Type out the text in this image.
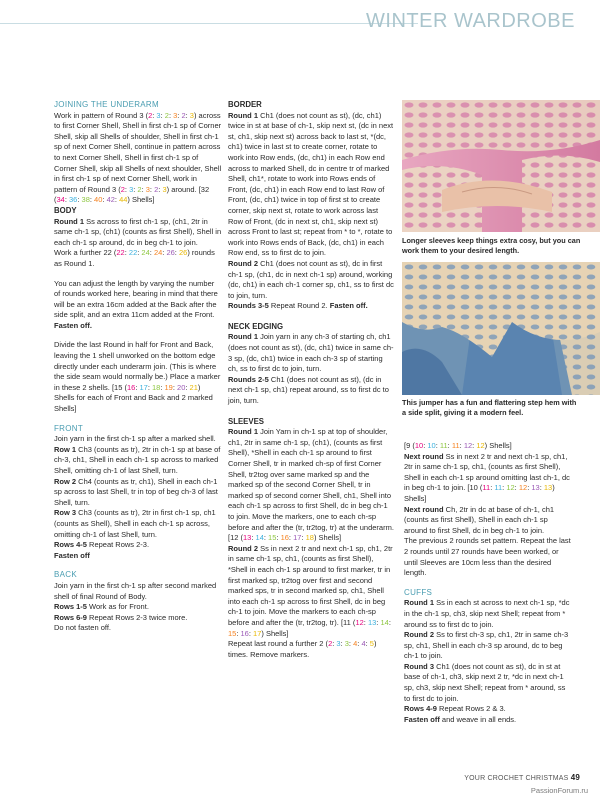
WINTER WARDROBE

JOINING THE UNDERARM

Work in pattern of Round 3 (2: 3: 2: 3: 2: 3) across to first Corner Shell, Shell in first ch-1 sp of Corner Shell, skip all Shells of shoulder, Shell in first ch-1 sp of next Corner Shell, continue in pattern across to next Corner Shell, Shell in first ch-1 sp of Corner Shell, skip all Shells of next shoulder, Shell in first ch-1 sp of next Corner Shell, work in pattern of Round 3 (2: 3: 2: 3: 2: 3) around. [32 (34: 36: 38: 40: 42: 44) Shells]

BODY

Round 1 Ss across to first ch-1 sp, (ch1, 2tr in same ch-1 sp, (ch1) (counts as first Shell), Shell in each ch-1 sp around, dc in beg ch-1 to join.

Work a further 22 (22: 22: 24: 24: 26: 26) rounds as Round 1.

You can adjust the length by varying the number of rounds worked here, bearing in mind that there will be an extra 16cm added at the Back after the side split, and an extra 11cm added at the Front.

Fasten off.

Divide the last Round in half for Front and Back, leaving the 1 shell unworked on the bottom edge directly under each underarm join. (This is where the side seam would normally be.) Place a marker in these 2 shells. [15 (16: 17: 18: 19: 20: 21) Shells for each of Front and Back and 2 marked Shells]

FRONT

Join yarn in the first ch-1 sp after a marked shell.

Row 1 Ch3 (counts as tr), 2tr in ch-1 sp at base of ch-3, ch1, Shell in each ch-1 sp across to marked Shell, omitting ch-1 of last Shell, turn.

Row 2 Ch4 (counts as tr, ch1), Shell in each ch-1 sp across to last Shell, tr in top of beg ch-3 of last Shell, turn.

Row 3 Ch3 (counts as tr), 2tr in first ch-1 sp, ch1 (counts as Shell), Shell in each ch-1 sp across, omitting ch-1 of last Shell, turn.

Rows 4-5 Repeat Rows 2-3.

Fasten off

BACK

Join yarn in the first ch-1 sp after second marked shell of final Round of Body.

Rows 1-5 Work as for Front.

Rows 6-9 Repeat Rows 2-3 twice more.

Do not fasten off.

BORDER

Round 1 Ch1 (does not count as st), (dc, ch1) twice in st at base of ch-1, skip next st, (dc in next st, ch1, skip next st) across back to last st, *(dc, ch1) twice in last st to create corner, rotate to work into Row ends, (dc, ch1) in each Row end across to marked Shell, dc in centre tr of marked Shell, ch1*, rotate to work into Rows ends of Front, (dc, ch1) in each Row end to last Row of Front, (dc, ch1) twice in top of first st to create corner, skip next st, rotate to work across last Row of Front, (dc in next st, ch1, skip next st) across Front to last st; repeat from * to *, rotate to work into Rows ends of Back, (dc, ch1) in each Row end, ss to first dc to join.

Round 2 Ch1 (does not count as st), dc in first ch-1 sp, (ch1, dc in next ch-1 sp) around, working (dc, ch1) in each ch-1 corner sp, ch1, ss to first dc to join, turn.

Rounds 3-5 Repeat Round 2. Fasten off.

NECK EDGING

Round 1 Join yarn in any ch-3 of starting ch, ch1 (does not count as st), (dc, ch1) twice in same ch-3 sp, (dc, ch1) twice in each ch-3 sp of starting ch, ss to first dc to join, turn.

Rounds 2-5 Ch1 (does not count as st), (dc in next ch-1 sp, ch1) repeat around, ss to first dc to join, turn.

SLEEVES

Round 1 Join Yarn in ch-1 sp at top of shoulder, ch1, 2tr in same ch-1 sp, (ch1), (counts as first Shell), *Shell in each ch-1 sp around to first Corner Shell, tr in marked ch-sp of first Corner Shell, tr2tog over same marked sp and the marked sp of the second Corner Shell, tr in marked sp of second corner Shell, ch1, Shell into each ch-1 sp across to first Shell, dc in beg ch-1 to join. Move the markers, one to each ch-sp before and after the (tr, tr2tog, tr) at the underarm. [12 (13: 14: 15: 16: 17: 18) Shells]

Round 2 Ss in next 2 tr and next ch-1 sp, ch1, 2tr in same ch-1 sp, ch1, (counts as first Shell), *Shell in each ch-1 sp around to first marker, tr in first marked sp, tr2tog over first and second marked sps, tr in second marked sp, ch1, Shell into each ch-1 sp across to first Shell, dc in beg ch-1 to join. Move the markers to each ch-sp before and after the (tr, tr2tog, tr). [11 (12: 13: 14: 15: 16: 17) Shells]

Repeat last round a further 2 (2: 3: 3: 4: 4: 5) times. Remove markers.

Longer sleeves keep things extra cosy, but you can work them to your desired length.
This jumper has a fun and flattering step hem with a side split, giving it a modern feel.

[9 (10: 10: 11: 11: 12: 12) Shells]

Next round Ss in next 2 tr and next ch-1 sp, ch1, 2tr in same ch-1 sp, ch1, (counts as first Shell), Shell in each ch-1 sp around omitting last ch-1, dc in beg ch-1 to join. [10 (11: 11: 12: 12: 13: 13) Shells]

Next round Ch, 2tr in dc at base of ch-1, ch1 (counts as first Shell), Shell in each ch-1 sp around to first Shell, dc in beg ch-1 to join.

The previous 2 rounds set pattern. Repeat the last 2 rounds until 27 rounds have been worked, or until Sleeves are 10cm less than the desired length.

CUFFS

Round 1 Ss in each st across to next ch-1 sp, *dc in the ch-1 sp, ch3, skip next Shell; repeat from * around ss to first dc to join.

Round 2 Ss to first ch-3 sp, ch1, 2tr in same ch-3 sp, ch1, Shell in each ch-3 sp around, dc to beg ch-1 to join.

Round 3 Ch1 (does not count as st), dc in st at base of ch-1, ch3, skip next 2 tr, *dc in next ch-1 sp, ch3, skip next Shell; repeat from * around, ss to first dc to join.

Rows 4-9 Repeat Rows 2 & 3.

Fasten off and weave in all ends.

YOUR CROCHET CHRISTMAS 49
PassionForum.ru
